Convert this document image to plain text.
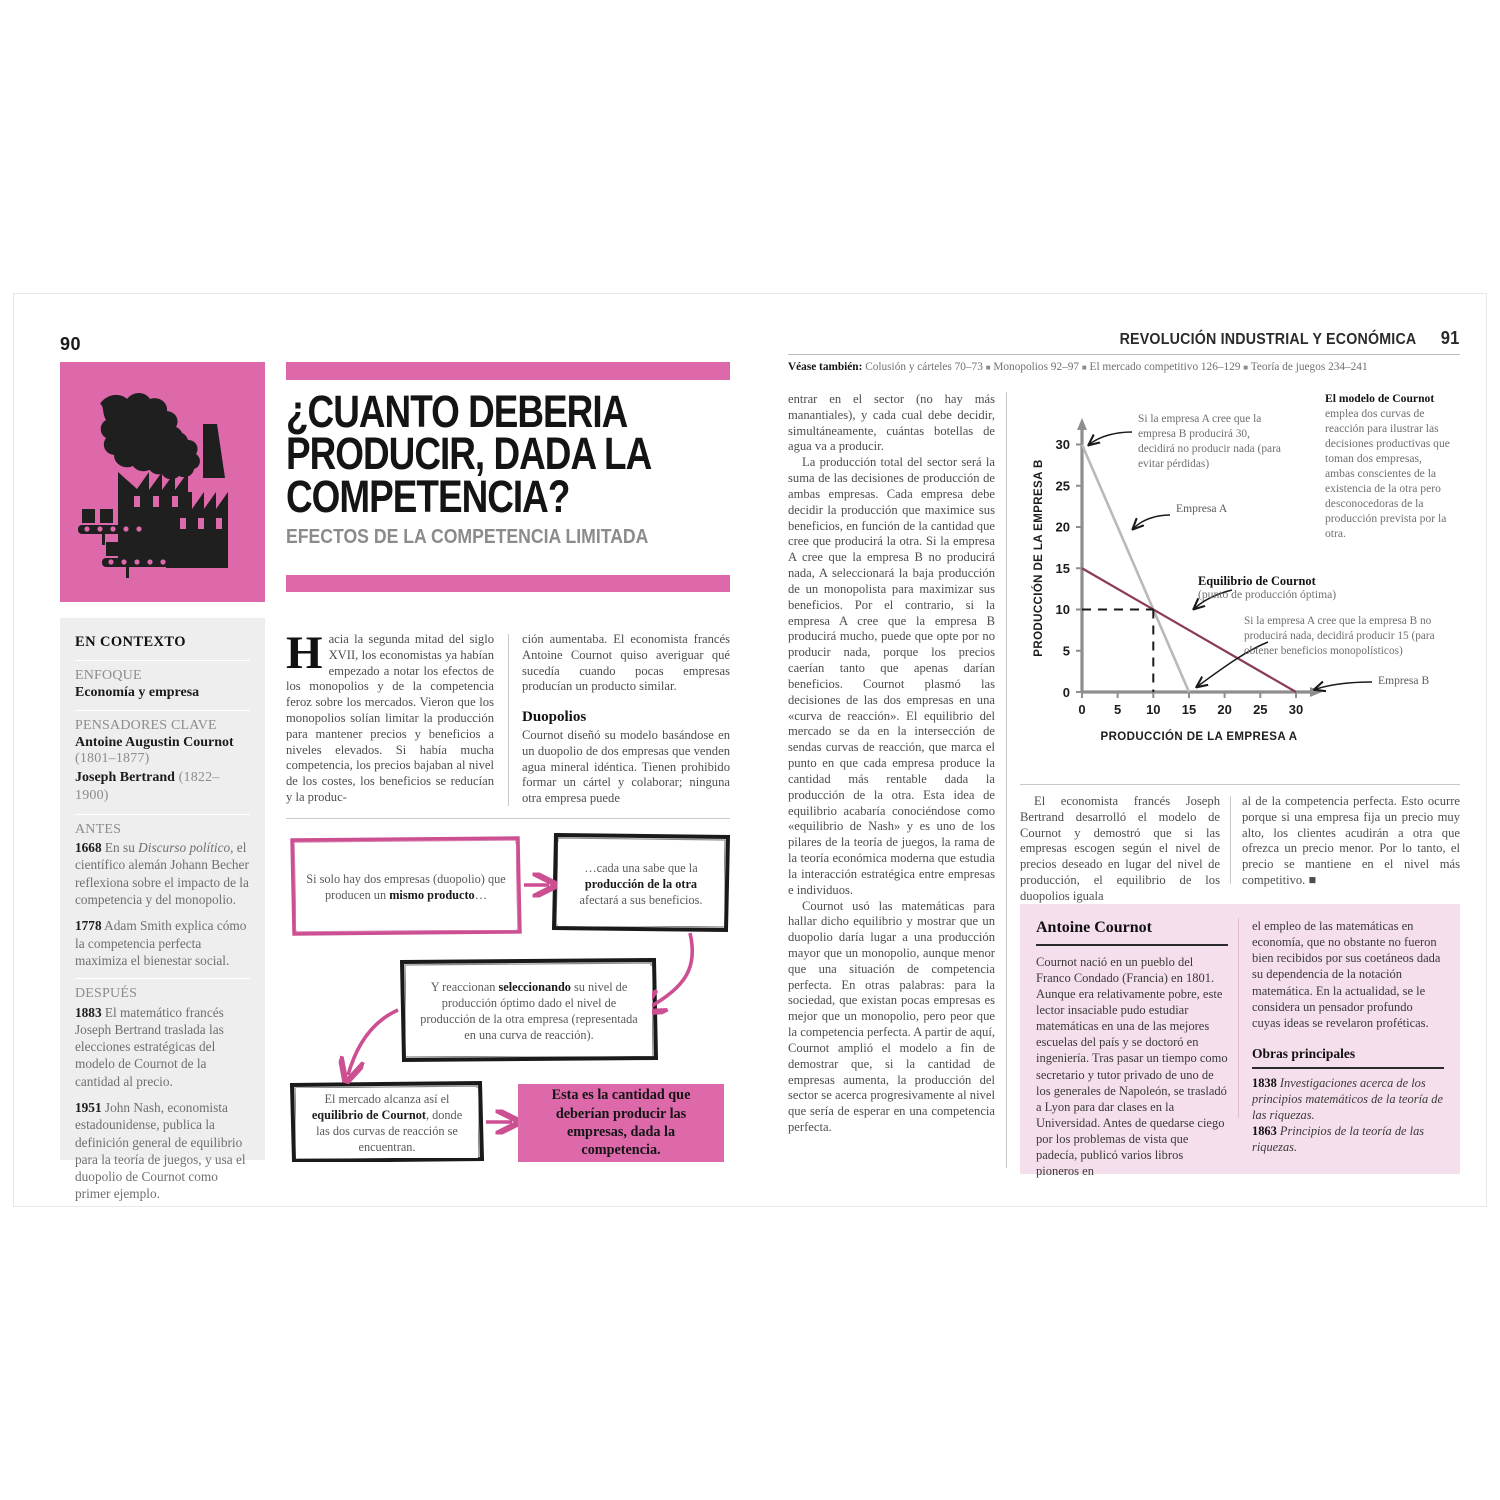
90
EN CONTEXTO
ENFOQUE
Economía y empresa
PENSADORES CLAVE
Antoine Augustin Cournot
(1801–1877)
Joseph Bertrand (1822–1900)
ANTES
1668 En su Discurso político, el científico alemán Johann Becher reflexiona sobre el impacto de la competencia y del monopolio.
1778 Adam Smith explica cómo la competencia perfecta maximiza el bienestar social.
DESPUÉS
1883 El matemático francés Joseph Bertrand traslada las elecciones estratégicas del modelo de Cournot de la cantidad al precio.
1951 John Nash, economista estadounidense, publica la definición general de equilibrio para la teoría de juegos, y usa el duopolio de Cournot como primer ejemplo.
¿CUANTO DEBERIA PRODUCIR, DADA LA COMPETENCIA?
EFECTOS DE LA COMPETENCIA LIMITADA
Hacia la segunda mitad del siglo XVII, los economistas ya habían empezado a notar los efectos de los monopolios y de la competencia feroz sobre los mercados. Vieron que los monopolios solían limitar la producción para mantener precios y beneficios a niveles elevados. Si había mucha competencia, los precios bajaban al nivel de los costes, los beneficios se reducían y la produc-
ción aumentaba. El economista francés Antoine Cournot quiso averiguar qué sucedía cuando pocas empresas producían un producto similar.
Duopolios
Cournot diseñó su modelo basándose en un duopolio de dos empresas que venden agua mineral idéntica. Tienen prohibido formar un cártel y colaborar; ninguna otra empresa puede
Si solo hay dos empresas (duopolio) que producen un mismo producto…
…cada una sabe que la producción de la otra afectará a sus beneficios.
Y reaccionan seleccionando su nivel de producción óptimo dado el nivel de producción de la otra empresa (representada en una curva de reacción).
El mercado alcanza así el equilibrio de Cournot, donde las dos curvas de reacción se encuentran.
Esta es la cantidad que deberían producir las empresas, dada la competencia.
REVOLUCIÓN INDUSTRIAL Y ECONÓMICA 91
Véase también: Colusión y cárteles 70–73 ■ Monopolios 92–97 ■ El mercado competitivo 126–129 ■ Teoría de juegos 234–241

entrar en el sector (no hay más manantiales), y cada cual debe decidir, simultáneamente, cuántas botellas de agua va a producir.

La producción total del sector será la suma de las decisiones de producción de ambas empresas. Cada empresa debe decidir la producción que maximice sus beneficios, en función de la cantidad que cree que producirá la otra. Si la empresa A cree que la empresa B no producirá nada, A seleccionará la baja producción de un monopolista para maximizar sus beneficios. Por el contrario, si la empresa A cree que la empresa B producirá mucho, puede que opte por no producir nada, porque los precios caerían tanto que apenas darían beneficios. Cournot plasmó las decisiones de las dos empresas en una «curva de reacción». El equilibrio del mercado se da en la intersección de sendas curvas de reacción, que marca el punto en que cada empresa produce la cantidad más rentable dada la producción de la otra. Esta idea de equilibrio acabaría conociéndose como «equilibrio de Nash» y es uno de los pilares de la teoría de juegos, la rama de la teoría económica moderna que estudia la interacción estratégica entre empresas e individuos.

Cournot usó las matemáticas para hallar dicho equilibrio y mostrar que un duopolio daría lugar a una producción mayor que un monopolio, aunque menor que una situación de competencia perfecta. En otras palabras: para la sociedad, que existan pocas empresas es mejor que un monopolio, pero peor que la competencia perfecta. A partir de aquí, Cournot amplió el modelo a fin de demostrar que, si la cantidad de empresas aumenta, la producción del sector se acerca progresivamente al nivel que sería de esperar en una competencia perfecta.

0
5
10
15
20
25
30
0 5 10 15 20 25 30
PRODUCCIÓN DE LA EMPRESA A
PRODUCCIÓN DE LA EMPRESA B
Si la empresa A cree que la empresa B producirá 30, decidirá no producir nada (para evitar pérdidas)
Empresa A
Equilibrio de Cournot
(punto de producción óptima)
Si la empresa A cree que la empresa B no producirá nada, decidirá producir 15 (para obtener beneficios monopolísticos)
Empresa B
El modelo de Cournot emplea dos curvas de reacción para ilustrar las decisiones productivas que toman dos empresas, ambas conscientes de la existencia de la otra pero desconocedoras de la producción prevista por la otra.
El economista francés Joseph Bertrand desarrolló el modelo de Cournot y demostró que si las empresas escogen según el nivel de precios deseado en lugar del nivel de producción, el equilibrio de los duopolios iguala
al de la competencia perfecta. Esto ocurre porque si una empresa fija un precio muy alto, los clientes acudirán a otra que ofrezca un precio menor. Por lo tanto, el precio se mantiene en el nivel más competitivo. ■
Antoine Cournot
Cournot nació en un pueblo del Franco Condado (Francia) en 1801. Aunque era relativamente pobre, este lector insaciable pudo estudiar matemáticas en una de las mejores escuelas del país y se doctoró en ingeniería. Tras pasar un tiempo como secretario y tutor privado de uno de los generales de Napoleón, se trasladó a Lyon para dar clases en la Universidad. Antes de quedarse ciego por los problemas de vista que padecía, publicó varios libros pioneros en
el empleo de las matemáticas en economía, que no obstante no fueron bien recibidos por sus coetáneos dada su dependencia de la notación matemática. En la actualidad, se le considera un pensador profundo cuyas ideas se revelaron proféticas.
Obras principales
1838 Investigaciones acerca de los principios matemáticos de la teoría de las riquezas.
1863 Principios de la teoría de las riquezas.
